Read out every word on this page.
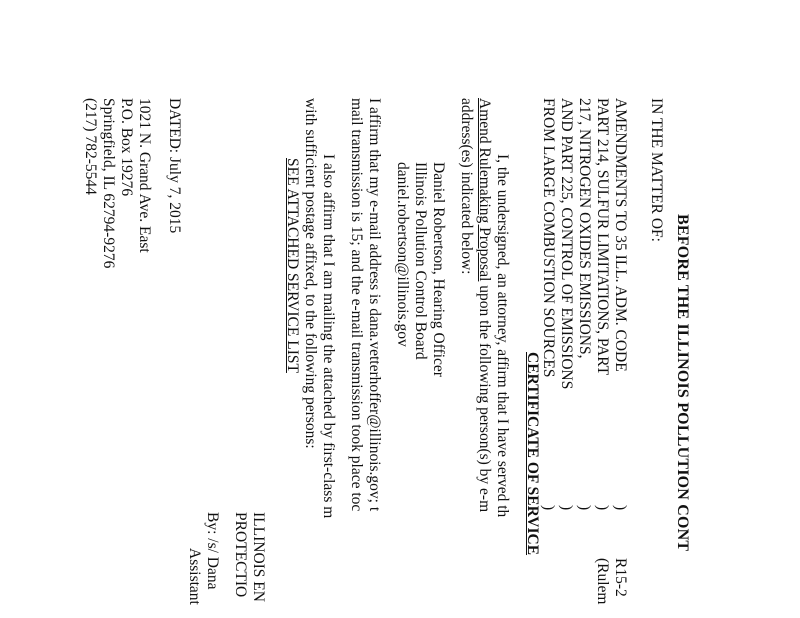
BEFORE THE ILLINOIS POLLUTION CONT
IN THE MATTER OF:
AMENDMENTS TO 35 ILL. ADM. CODE
PART 214, SULFUR LIMITATIONS, PART
217, NITROGEN OXIDES EMISSIONS,
AND PART 225, CONTROL OF EMISSIONS
FROM LARGE COMBUSTION SOURCES
)
)
)
)
)
R15-2
(Rulem
CERTIFICATE OF SERVICE
I, the undersigned, an attorney, affirm that I have served th
Amend Rulemaking Proposal upon the following person(s) by e-m
address(es) indicated below:
Daniel Robertson, Hearing Officer
Illinois Pollution Control Board
daniel.robertson@illinois.gov
I affirm that my e-mail address is dana.vetterhoffer@illinois.gov; t
mail transmission is 15; and the e-mail transmission took place toc
I also affirm that I am mailing the attached by first-class m
with sufficient postage affixed, to the following persons:
SEE ATTACHED SERVICE LIST
ILLINOIS EN
PROTECTIO
By: /s/ Dana
Assistant
DATED: July 7, 2015
1021 N. Grand Ave. East
P.O. Box 19276
Springfield, IL 62794-9276
(217) 782-5544
